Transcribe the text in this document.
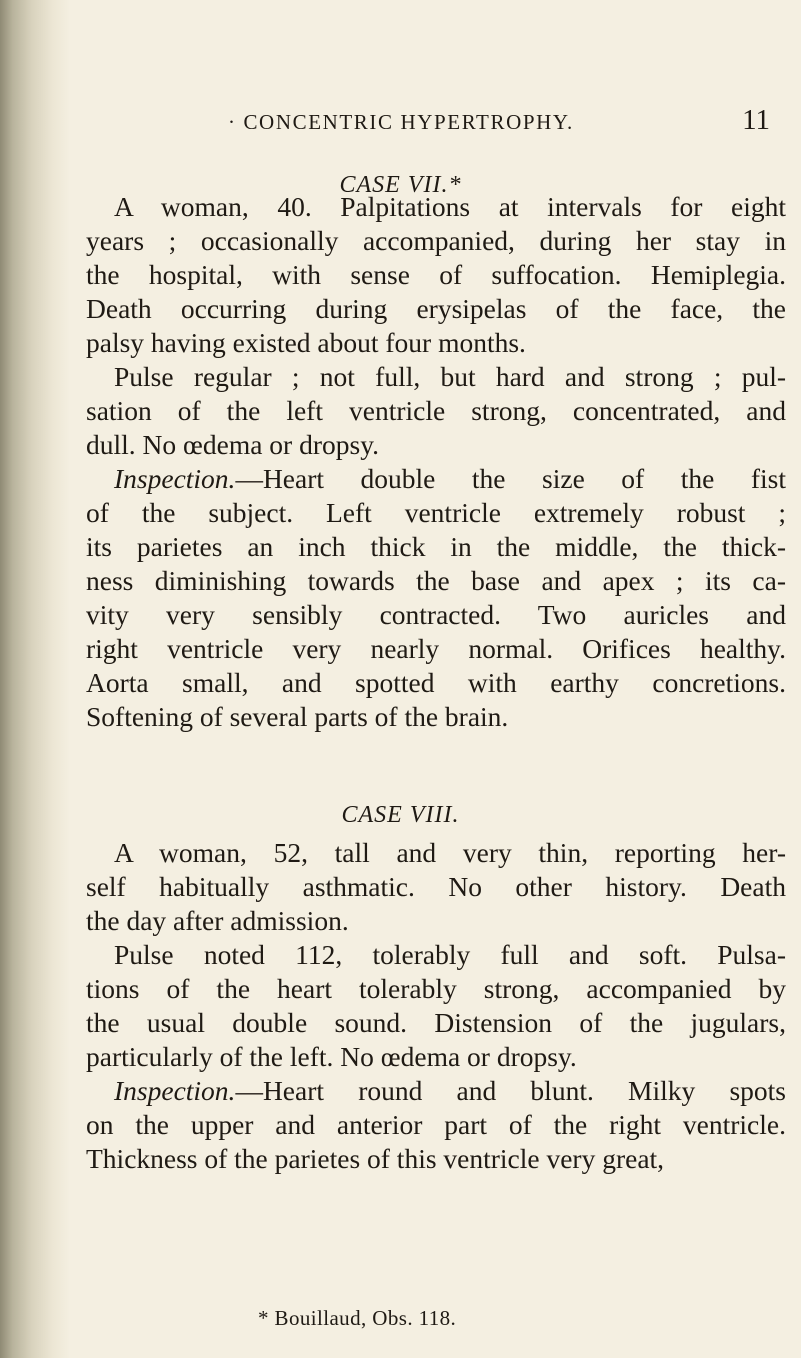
· CONCENTRIC HYPERTROPHY.	11
CASE VII.*
A woman, 40. Palpitations at intervals for eight
years ; occasionally accompanied, during her stay in
the hospital, with sense of suffocation. Hemiplegia.
Death occurring during erysipelas of the face, the
palsy having existed about four months.
Pulse regular ; not full, but hard and strong ; pul-
sation of the left ventricle strong, concentrated, and
dull. No œdema or dropsy.
Inspection.—Heart double the size of the fist
of the subject. Left ventricle extremely robust ;
its parietes an inch thick in the middle, the thick-
ness diminishing towards the base and apex ; its ca-
vity very sensibly contracted. Two auricles and
right ventricle very nearly normal. Orifices healthy.
Aorta small, and spotted with earthy concretions.
Softening of several parts of the brain.
CASE VIII.
A woman, 52, tall and very thin, reporting her-
self habitually asthmatic. No other history. Death
the day after admission.
Pulse noted 112, tolerably full and soft. Pulsa-
tions of the heart tolerably strong, accompanied by
the usual double sound. Distension of the jugulars,
particularly of the left. No œdema or dropsy.
Inspection.—Heart round and blunt. Milky spots
on the upper and anterior part of the right ventricle.
Thickness of the parietes of this ventricle very great,
* Bouillaud, Obs. 118.
